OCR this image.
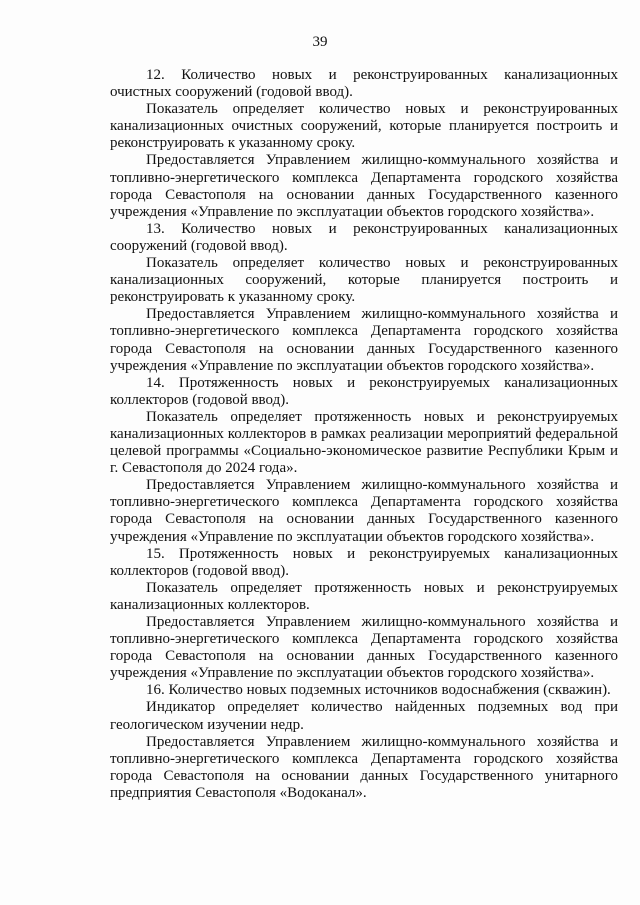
39

12. Количество новых и реконструированных канализационных очистных сооружений (годовой ввод).

Показатель определяет количество новых и реконструированных канализационных очистных сооружений, которые планируется построить и реконструировать к указанному сроку.

Предоставляется Управлением жилищно-коммунального хозяйства и топливно-энергетического комплекса Департамента городского хозяйства города Севастополя на основании данных Государственного казенного учреждения «Управление по эксплуатации объектов городского хозяйства».

13. Количество новых и реконструированных канализационных сооружений (годовой ввод).

Показатель определяет количество новых и реконструированных канализационных сооружений, которые планируется построить и реконструировать к указанному сроку.

Предоставляется Управлением жилищно-коммунального хозяйства и топливно-энергетического комплекса Департамента городского хозяйства города Севастополя на основании данных Государственного казенного учреждения «Управление по эксплуатации объектов городского хозяйства».

14. Протяженность новых и реконструируемых канализационных коллекторов (годовой ввод).

Показатель определяет протяженность новых и реконструируемых канализационных коллекторов в рамках реализации мероприятий федеральной целевой программы «Социально-экономическое развитие Республики Крым и г. Севастополя до 2024 года».

Предоставляется Управлением жилищно-коммунального хозяйства и топливно-энергетического комплекса Департамента городского хозяйства города Севастополя на основании данных Государственного казенного учреждения «Управление по эксплуатации объектов городского хозяйства».

15. Протяженность новых и реконструируемых канализационных коллекторов (годовой ввод).

Показатель определяет протяженность новых и реконструируемых канализационных коллекторов.

Предоставляется Управлением жилищно-коммунального хозяйства и топливно-энергетического комплекса Департамента городского хозяйства города Севастополя на основании данных Государственного казенного учреждения «Управление по эксплуатации объектов городского хозяйства».

16. Количество новых подземных источников водоснабжения (скважин).

Индикатор определяет количество найденных подземных вод при геологическом изучении недр.

Предоставляется Управлением жилищно-коммунального хозяйства и топливно-энергетического комплекса Департамента городского хозяйства города Севастополя на основании данных Государственного унитарного предприятия Севастополя «Водоканал».
